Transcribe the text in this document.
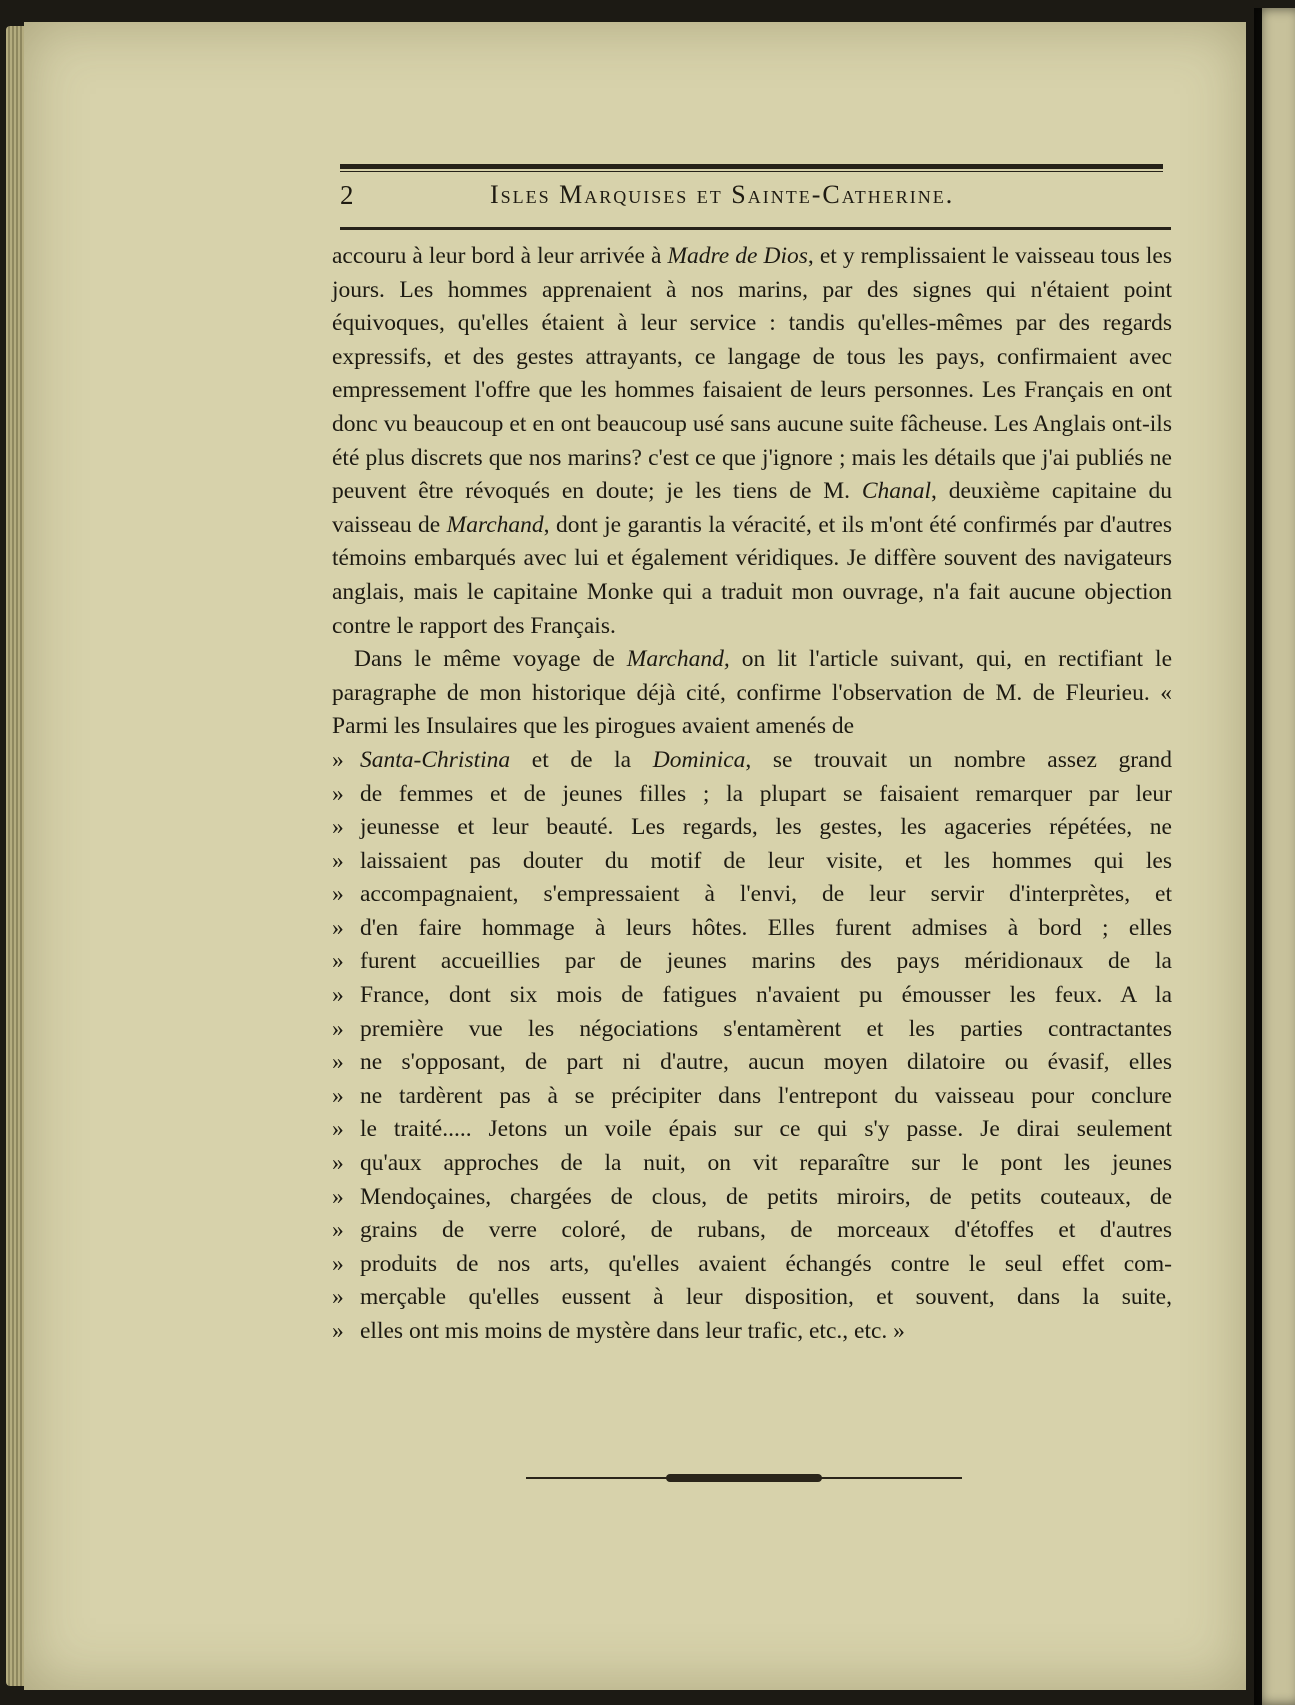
2	Isles Marquises et Sainte-Catherine.

accouru à leur bord à leur arrivée à Madre de Dios, et y remplissaient le vaisseau tous les jours. Les hommes apprenaient à nos marins, par des signes qui n'étaient point équivoques, qu'elles étaient à leur service : tandis qu'elles-mêmes par des regards expressifs, et des gestes attrayants, ce langage de tous les pays, confirmaient avec empressement l'offre que les hommes faisaient de leurs personnes. Les Français en ont donc vu beaucoup et en ont beaucoup usé sans aucune suite fâcheuse. Les Anglais ont-ils été plus discrets que nos marins? c'est ce que j'ignore ; mais les détails que j'ai publiés ne peuvent être révoqués en doute; je les tiens de M. Chanal, deuxième capitaine du vaisseau de Marchand, dont je garantis la véracité, et ils m'ont été confirmés par d'autres témoins embarqués avec lui et également véridiques. Je diffère souvent des navigateurs anglais, mais le capitaine Monke qui a traduit mon ouvrage, n'a fait aucune objection contre le rapport des Français.

Dans le même voyage de Marchand, on lit l'article suivant, qui, en rectifiant le paragraphe de mon historique déjà cité, confirme l'observation de M. de Fleurieu. « Parmi les Insulaires que les pirogues avaient amenés de

» Santa-Christina et de la Dominica, se trouvait un nombre assez grand
» de femmes et de jeunes filles ; la plupart se faisaient remarquer par leur
» jeunesse et leur beauté. Les regards, les gestes, les agaceries répétées, ne
» laissaient pas douter du motif de leur visite, et les hommes qui les
» accompagnaient, s'empressaient à l'envi, de leur servir d'interprètes, et
» d'en faire hommage à leurs hôtes. Elles furent admises à bord ; elles
» furent accueillies par de jeunes marins des pays méridionaux de la
» France, dont six mois de fatigues n'avaient pu émousser les feux. A la
» première vue les négociations s'entamèrent et les parties contractantes
» ne s'opposant, de part ni d'autre, aucun moyen dilatoire ou évasif, elles
» ne tardèrent pas à se précipiter dans l'entrepont du vaisseau pour conclure
» le traité..... Jetons un voile épais sur ce qui s'y passe. Je dirai seulement
» qu'aux approches de la nuit, on vit reparaître sur le pont les jeunes
» Mendoçaines, chargées de clous, de petits miroirs, de petits couteaux, de
» grains de verre coloré, de rubans, de morceaux d'étoffes et d'autres
» produits de nos arts, qu'elles avaient échangés contre le seul effet com-
» merçable qu'elles eussent à leur disposition, et souvent, dans la suite,
» elles ont mis moins de mystère dans leur trafic, etc., etc. »
